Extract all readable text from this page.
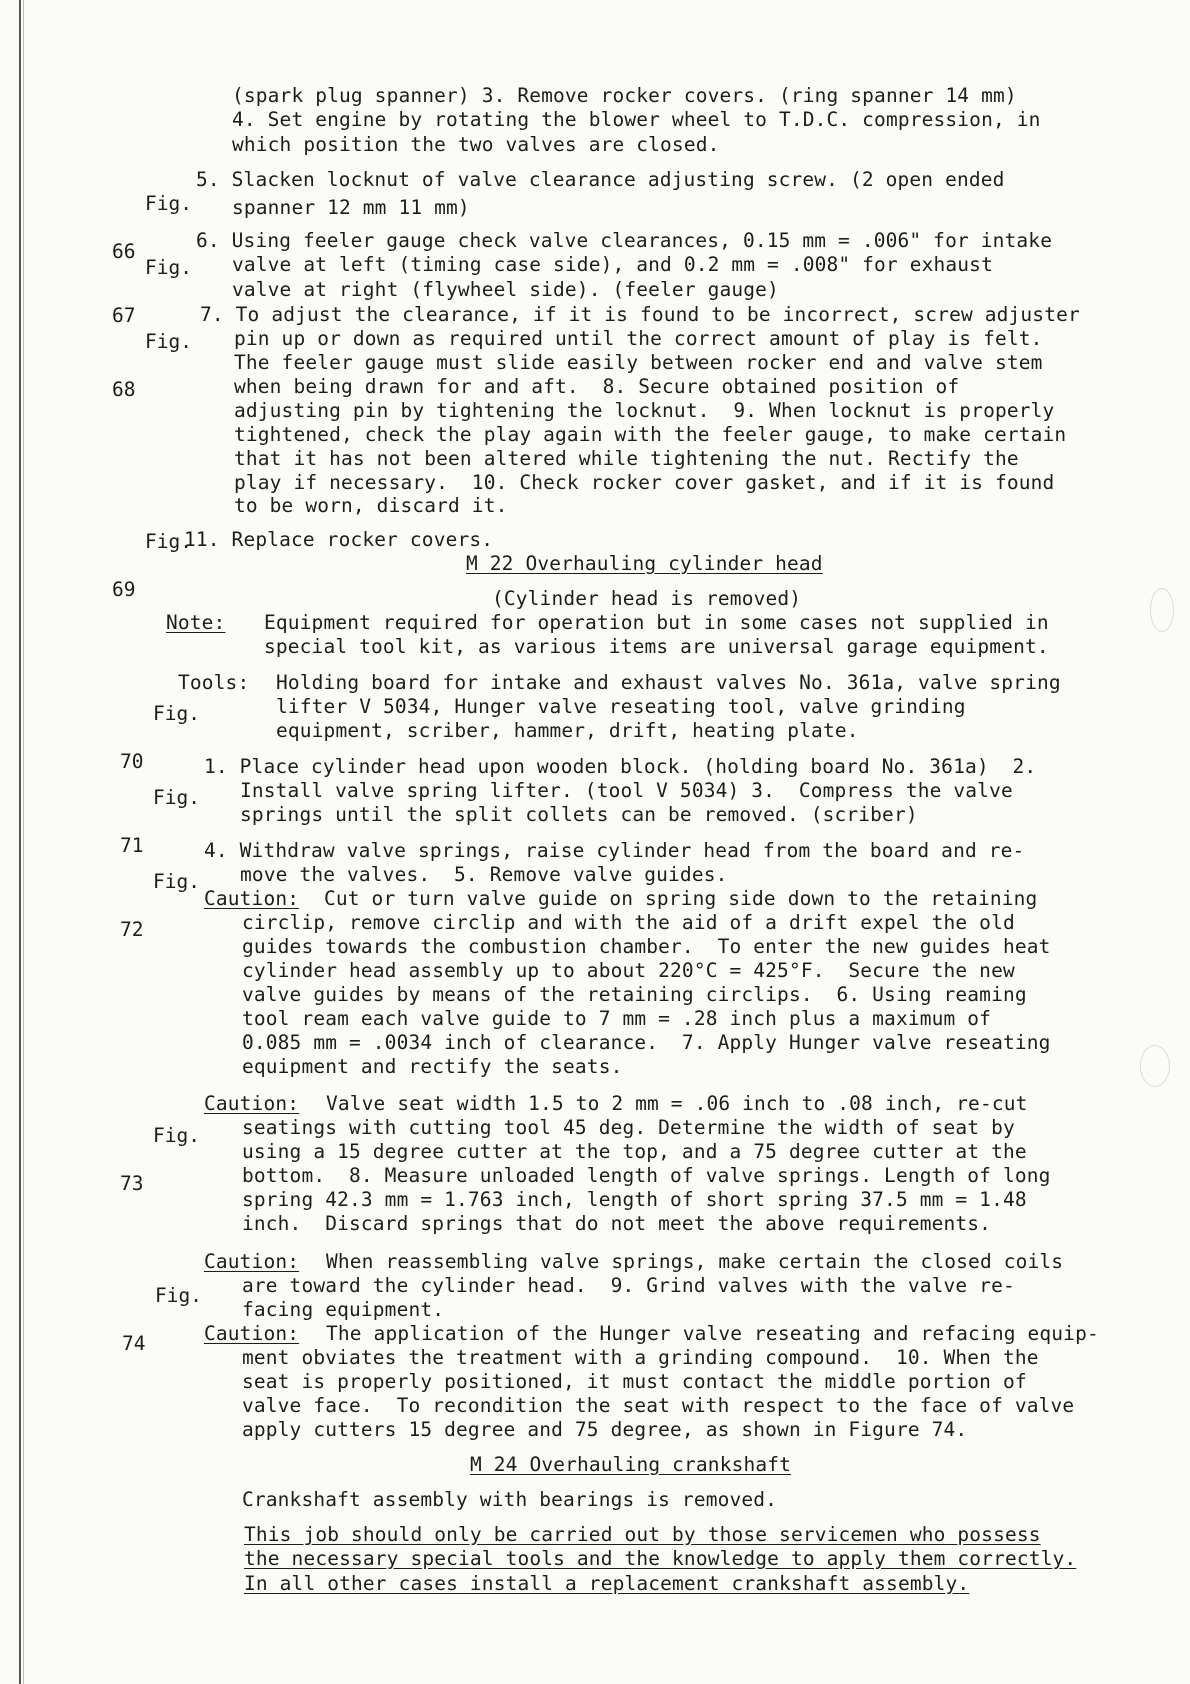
Fig.

66

Fig.

67

Fig.

68

Fig.

69

Fig.

70

Fig.

71

Fig.

72

Fig.

73

Fig.

74

(spark plug spanner) 3. Remove rocker covers. (ring spanner 14 mm)
4. Set engine by rotating the blower wheel to T.D.C. compression, in
which position the two valves are closed.
5. Slacken locknut of valve clearance adjusting screw. (2 open ended
spanner 12 mm 11 mm)
6. Using feeler gauge check valve clearances, 0.15 mm = .006" for intake
valve at left (timing case side), and 0.2 mm = .008" for exhaust
valve at right (flywheel side). (feeler gauge)
7. To adjust the clearance, if it is found to be incorrect, screw adjuster
pin up or down as required until the correct amount of play is felt.
The feeler gauge must slide easily between rocker end and valve stem
when being drawn for and aft.  8. Secure obtained position of
adjusting pin by tightening the locknut.  9. When locknut is properly
tightened, check the play again with the feeler gauge, to make certain
that it has not been altered while tightening the nut. Rectify the
play if necessary.  10. Check rocker cover gasket, and if it is found
to be worn, discard it.
11. Replace rocker covers.
M 22 Overhauling cylinder head
(Cylinder head is removed)
Note: Equipment required for operation but in some cases not supplied in
special tool kit, as various items are universal garage equipment.
Tools: Holding board for intake and exhaust valves No. 361a, valve spring
lifter V 5034, Hunger valve reseating tool, valve grinding
equipment, scriber, hammer, drift, heating plate.
1. Place cylinder head upon wooden block. (holding board No. 361a)  2.
Install valve spring lifter. (tool V 5034) 3.  Compress the valve
springs until the split collets can be removed. (scriber)
4. Withdraw valve springs, raise cylinder head from the board and re-
move the valves.  5. Remove valve guides.
Caution: Cut or turn valve guide on spring side down to the retaining
circlip, remove circlip and with the aid of a drift expel the old
guides towards the combustion chamber.  To enter the new guides heat
cylinder head assembly up to about 220°C = 425°F.  Secure the new
valve guides by means of the retaining circlips.  6. Using reaming
tool ream each valve guide to 7 mm = .28 inch plus a maximum of
0.085 mm = .0034 inch of clearance.  7. Apply Hunger valve reseating
equipment and rectify the seats.
Caution: Valve seat width 1.5 to 2 mm = .06 inch to .08 inch, re-cut
seatings with cutting tool 45 deg. Determine the width of seat by
using a 15 degree cutter at the top, and a 75 degree cutter at the
bottom.  8. Measure unloaded length of valve springs. Length of long
spring 42.3 mm = 1.763 inch, length of short spring 37.5 mm = 1.48
inch.  Discard springs that do not meet the above requirements.
Caution: When reassembling valve springs, make certain the closed coils
are toward the cylinder head.  9. Grind valves with the valve re-
facing equipment.
Caution: The application of the Hunger valve reseating and refacing equip-
ment obviates the treatment with a grinding compound.  10. When the
seat is properly positioned, it must contact the middle portion of
valve face.  To recondition the seat with respect to the face of valve
apply cutters 15 degree and 75 degree, as shown in Figure 74.
M 24 Overhauling crankshaft
Crankshaft assembly with bearings is removed.
This job should only be carried out by those servicemen who possess
the necessary special tools and the knowledge to apply them correctly.
In all other cases install a replacement crankshaft assembly.
